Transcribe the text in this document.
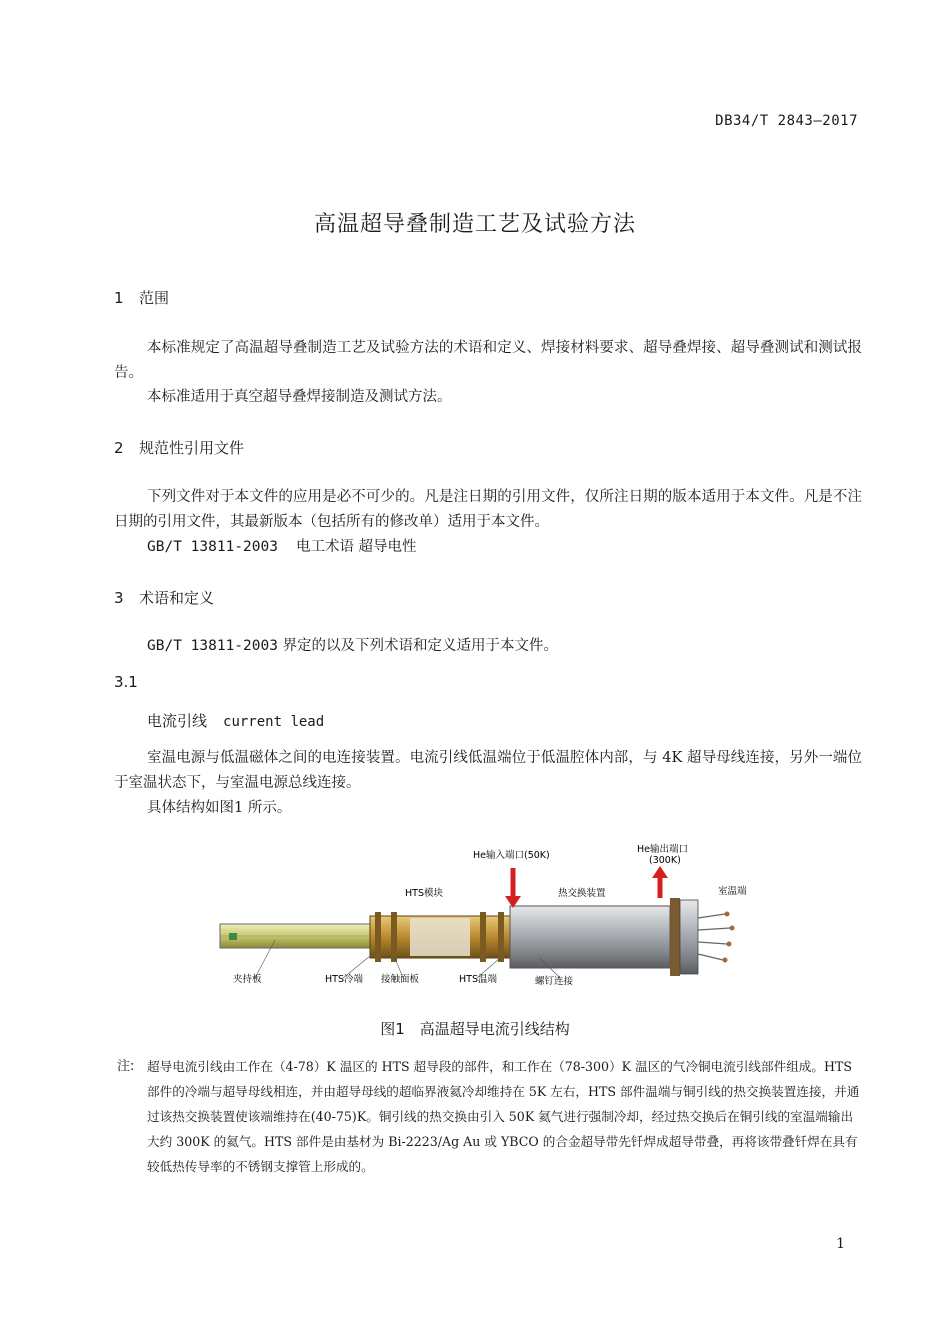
DB34/T 2843—2017
高温超导叠制造工艺及试验方法
1 范围
本标准规定了高温超导叠制造工艺及试验方法的术语和定义、焊接材料要求、超导叠焊接、超导叠测试和测试报告。
本标准适用于真空超导叠焊接制造及测试方法。
2 规范性引用文件
下列文件对于本文件的应用是必不可少的。凡是注日期的引用文件，仅所注日期的版本适用于本文件。凡是不注日期的引用文件，其最新版本（包括所有的修改单）适用于本文件。
GB/T 13811-2003 电工术语 超导电性
3 术语和定义
GB/T 13811-2003 界定的以及下列术语和定义适用于本文件。
3.1
电流引线 current lead
室温电源与低温磁体之间的电连接装置。电流引线低温端位于低温腔体内部，与 4K 超导母线连接，另外一端位于室温状态下，与室温电源总线连接。
具体结构如图1 所示。
He输入端口(50K)
He输出端口
(300K)
HTS模块	热交换装置	室温端
夹持板	HTS冷端 接触面板	HTS温端	螺钉连接
图1　高温超导电流引线结构
注: 超导电流引线由工作在（4-78）K 温区的 HTS 超导段的部件，和工作在（78-300）K 温区的气冷铜电流引线部件组成。HTS 部件的冷端与超导母线相连，并由超导母线的超临界液氦冷却维持在 5K 左右，HTS 部件温端与铜引线的热交换装置连接，并通过该热交换装置使该端维持在(40-75)K。铜引线的热交换由引入 50K 氦气进行强制冷却，经过热交换后在铜引线的室温端输出大约 300K 的氦气。HTS 部件是由基材为 Bi-2223/Ag Au 或 YBCO 的合金超导带先钎焊成超导带叠，再将该带叠钎焊在具有较低热传导率的不锈钢支撑管上形成的。
1
